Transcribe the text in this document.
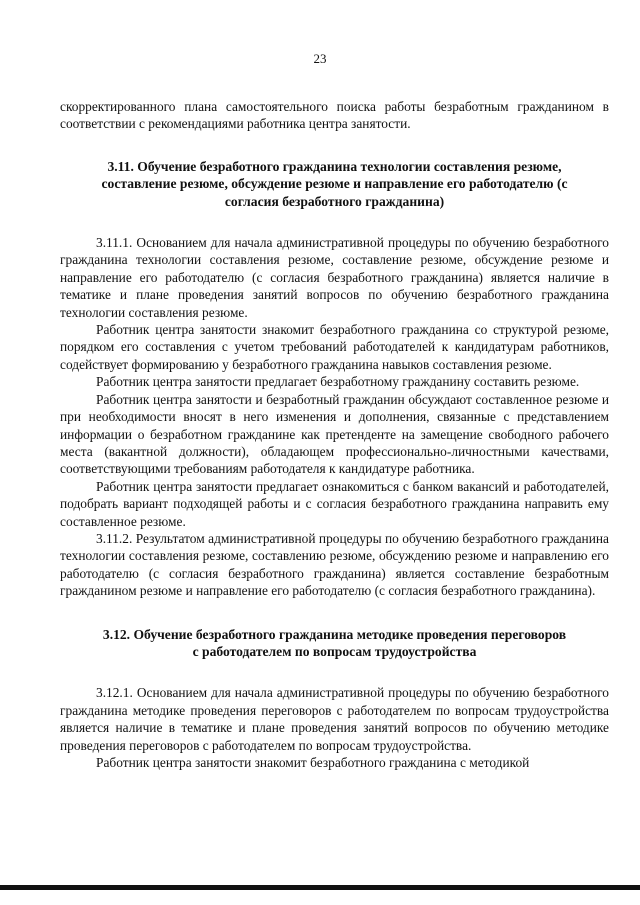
23

скорректированного плана самостоятельного поиска работы безработным гражданином в соответствии с рекомендациями работника центра занятости.

3.11. Обучение безработного гражданина технологии составления резюме, составление резюме, обсуждение резюме и направление его работодателю (с согласия безработного гражданина)

3.11.1. Основанием для начала административной процедуры по обучению безработного гражданина технологии составления резюме, составление резюме, обсуждение резюме и направление его работодателю (с согласия безработного гражданина) является наличие в тематике и плане проведения занятий вопросов по обучению безработного гражданина технологии составления резюме.

Работник центра занятости знакомит безработного гражданина со структурой резюме, порядком его составления с учетом требований работодателей к кандидатурам работников, содействует формированию у безработного гражданина навыков составления резюме.

Работник центра занятости предлагает безработному гражданину составить резюме.

Работник центра занятости и безработный гражданин обсуждают составленное резюме и при необходимости вносят в него изменения и дополнения, связанные с представлением информации о безработном гражданине как претенденте на замещение свободного рабочего места (вакантной должности), обладающем профессионально-личностными качествами, соответствующими требованиям работодателя к кандидатуре работника.

Работник центра занятости предлагает ознакомиться с банком вакансий и работодателей, подобрать вариант подходящей работы и с согласия безработного гражданина направить ему составленное резюме.

3.11.2. Результатом административной процедуры по обучению безработного гражданина технологии составления резюме, составлению резюме, обсуждению резюме и направлению его работодателю (с согласия безработного гражданина) является составление безработным гражданином резюме и направление его работодателю (с согласия безработного гражданина).

3.12. Обучение безработного гражданина методике проведения переговоров с работодателем по вопросам трудоустройства

3.12.1. Основанием для начала административной процедуры по обучению безработного гражданина методике проведения переговоров с работодателем по вопросам трудоустройства является наличие в тематике и плане проведения занятий вопросов по обучению методике проведения переговоров с работодателем по вопросам трудоустройства.

Работник центра занятости знакомит безработного гражданина с методикой
